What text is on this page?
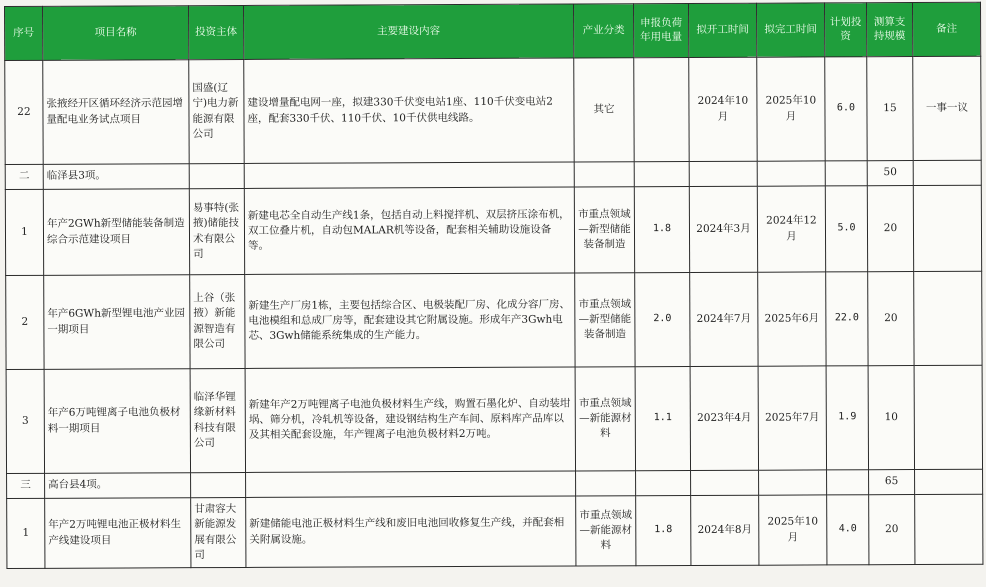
序号	项目名称	投资主体	主要建设内容	产业分类	申报负荷年用电量	拟开工时间	拟完工时间	计划投资	测算支持规模	备注
22	张掖经开区循环经济示范园增量配电业务试点项目	国盛(辽宁)电力新能源有限公司	建设增量配电网一座，拟建330千伏变电站1座、110千伏变电站2座，配套330千伏、110千伏、10千伏供电线路。	其它		2024年10月	2025年10月	6.0	15	一事一议
二	临泽县3项。								50	
1	年产2GWh新型储能装备制造综合示范建设项目	易事特(张掖)储能技术有限公司	新建电芯全自动生产线1条，包括自动上料搅拌机、双层挤压涂布机，双工位叠片机，自动包MALAR机等设备，配套相关辅助设施设备等。	市重点领域—新型储能装备制造	1.8	2024年3月	2024年12月	5.0	20	
2	年产6GWh新型锂电池产业园一期项目	上谷（张掖）新能源智造有限公司	新建生产厂房1栋，主要包括综合区、电极装配厂房、化成分容厂房、电池模组和总成厂房等，配套建设其它附属设施。形成年产3Gwh电芯、3Gwh储能系统集成的生产能力。	市重点领域—新型储能装备制造	2.0	2024年7月	2025年6月	22.0	20	
3	年产6万吨锂离子电池负极材料一期项目	临泽华锂缘新材料科技有限公司	新建年产2万吨锂离子电池负极材料生产线，购置石墨化炉、自动装坩埚、筛分机，冷轧机等设备，建设钢结构生产车间、原料库产品库以及其相关配套设施，年产锂离子电池负极材料2万吨。	市重点领域—新能源材料	1.1	2023年4月	2025年7月	1.9	10	
三	高台县4项。								65	
1	年产2万吨锂电池正极材料生产线建设项目	甘肃容大新能源发展有限公司	新建储能电池正极材料生产线和废旧电池回收修复生产线，并配套相关附属设施。	市重点领域—新能源材料	1.8	2024年8月	2025年10月	4.0	20	
